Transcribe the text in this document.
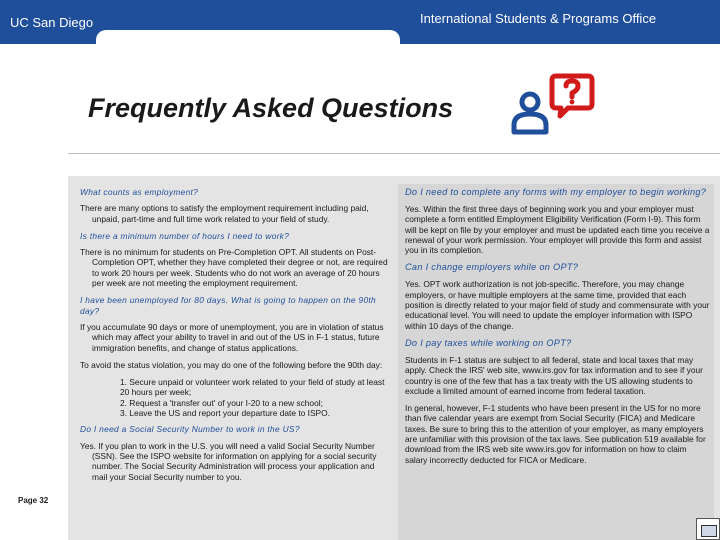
UC San Diego	International Students & Programs Office
Frequently Asked Questions
What counts as employment?
There are many options to satisfy the employment requirement including paid, unpaid, part-time and full time work related to your field of study.
Is there a minimum number of hours I need to work?
There is no minimum for students on Pre-Completion OPT. All students on Post-Completion OPT, whether they have completed their degree or not, are required to work 20 hours per week. Students who do not work an average of 20 hours per week are not meeting the employment requirement.
I have been unemployed for 80 days. What is going to happen on the 90th day?
If you accumulate 90 days or more of unemployment, you are in violation of status which may affect your ability to travel in and out of the US in F-1 status, future immigration benefits, and change of status applications.
To avoid the status violation, you may do one of the following before the 90th day:
1. Secure unpaid or volunteer work related to your field of study at least 20 hours per week;
2. Request a 'transfer out' of your I-20 to a new school;
3. Leave the US and report your departure date to ISPO.
Do I need a Social Security Number to work in the US?
Yes. If you plan to work in the U.S. you will need a valid Social Security Number (SSN). See the ISPO website for information on applying for a social security number. The Social Security Administration will process your application and mail your Social Security number to you.
Do I need to complete any forms with my employer to begin working?
Yes. Within the first three days of beginning work you and your employer must complete a form entitled Employment Eligibility Verification (Form I-9). This form will be kept on file by your employer and must be updated each time you receive a renewal of your work permission. Your employer will provide this form and assist you in its completion.
Can I change employers while on OPT?
Yes. OPT work authorization is not job-specific. Therefore, you may change employers, or have multiple employers at the same time, provided that each position is directly related to your major field of study and commensurate with your educational level. You will need to update the employer information with ISPO within 10 days of the change.
Do I pay taxes while working on OPT?
Students in F-1 status are subject to all federal, state and local taxes that may apply. Check the IRS' web site, www.irs.gov for tax information and to see if your country is one of the few that has a tax treaty with the US allowing students to exclude a limited amount of earned income from federal taxation.
In general, however, F-1 students who have been present in the US for no more than five calendar years are exempt from Social Security (FICA) and Medicare taxes. Be sure to bring this to the attention of your employer, as many employers are unfamiliar with this provision of the tax laws. See publication 519 available for download from the IRS web site www.irs.gov for information on how to claim salary incorrectly deducted for FICA or Medicare.
Page 32
